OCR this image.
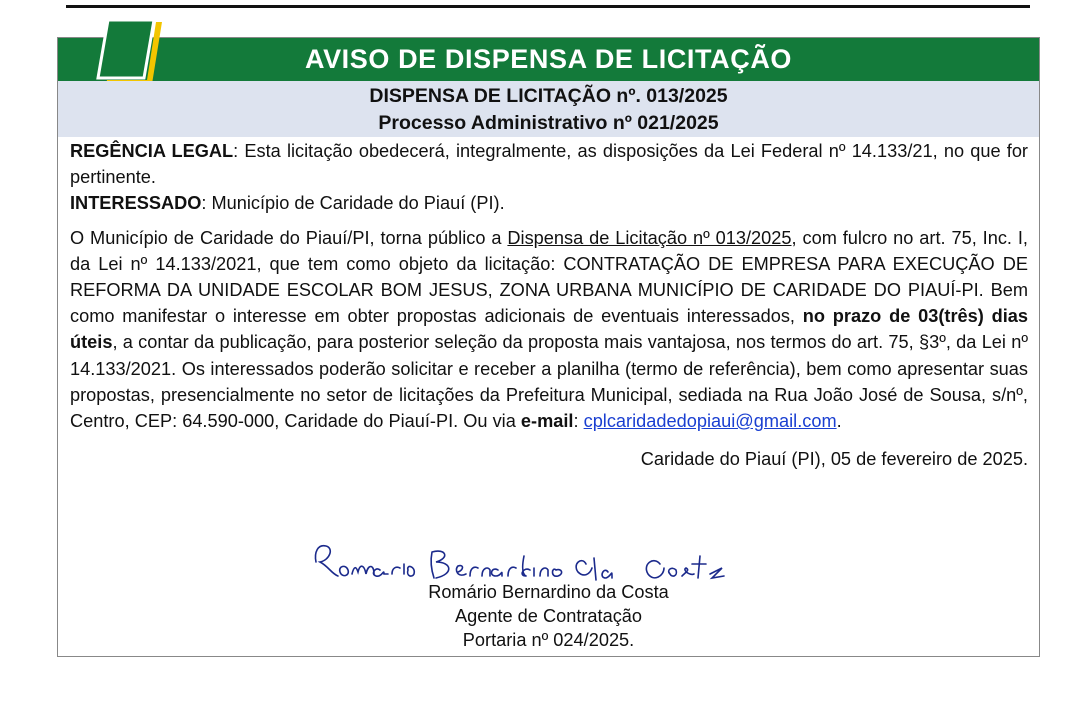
AVISO DE DISPENSA DE LICITAÇÃO
DISPENSA DE LICITAÇÃO nº. 013/2025
Processo Administrativo nº 021/2025

REGÊNCIA LEGAL: Esta licitação obedecerá, integralmente, as disposições da Lei Federal nº 14.133/21, no que for pertinente.

INTERESSADO: Município de Caridade do Piauí (PI).

O Município de Caridade do Piauí/PI, torna público a Dispensa de Licitação nº 013/2025, com fulcro no art. 75, Inc. I, da Lei nº 14.133/2021, que tem como objeto da licitação: CONTRATAÇÃO DE EMPRESA PARA EXECUÇÃO DE REFORMA DA UNIDADE ESCOLAR BOM JESUS, ZONA URBANA MUNICÍPIO DE CARIDADE DO PIAUÍ-PI. Bem como manifestar o interesse em obter propostas adicionais de eventuais interessados, no prazo de 03(três) dias úteis, a contar da publicação, para posterior seleção da proposta mais vantajosa, nos termos do art. 75, §3º, da Lei nº 14.133/2021. Os interessados poderão solicitar e receber a planilha (termo de referência), bem como apresentar suas propostas, presencialmente no setor de licitações da Prefeitura Municipal, sediada na Rua João José de Sousa, s/nº, Centro, CEP: 64.590-000, Caridade do Piauí-PI. Ou via e-mail: cplcaridadedopiaui@gmail.com.

Caridade do Piauí (PI), 05 de fevereiro de 2025.

Romário Bernardino da Costa
Agente de Contratação
Portaria nº 024/2025.
